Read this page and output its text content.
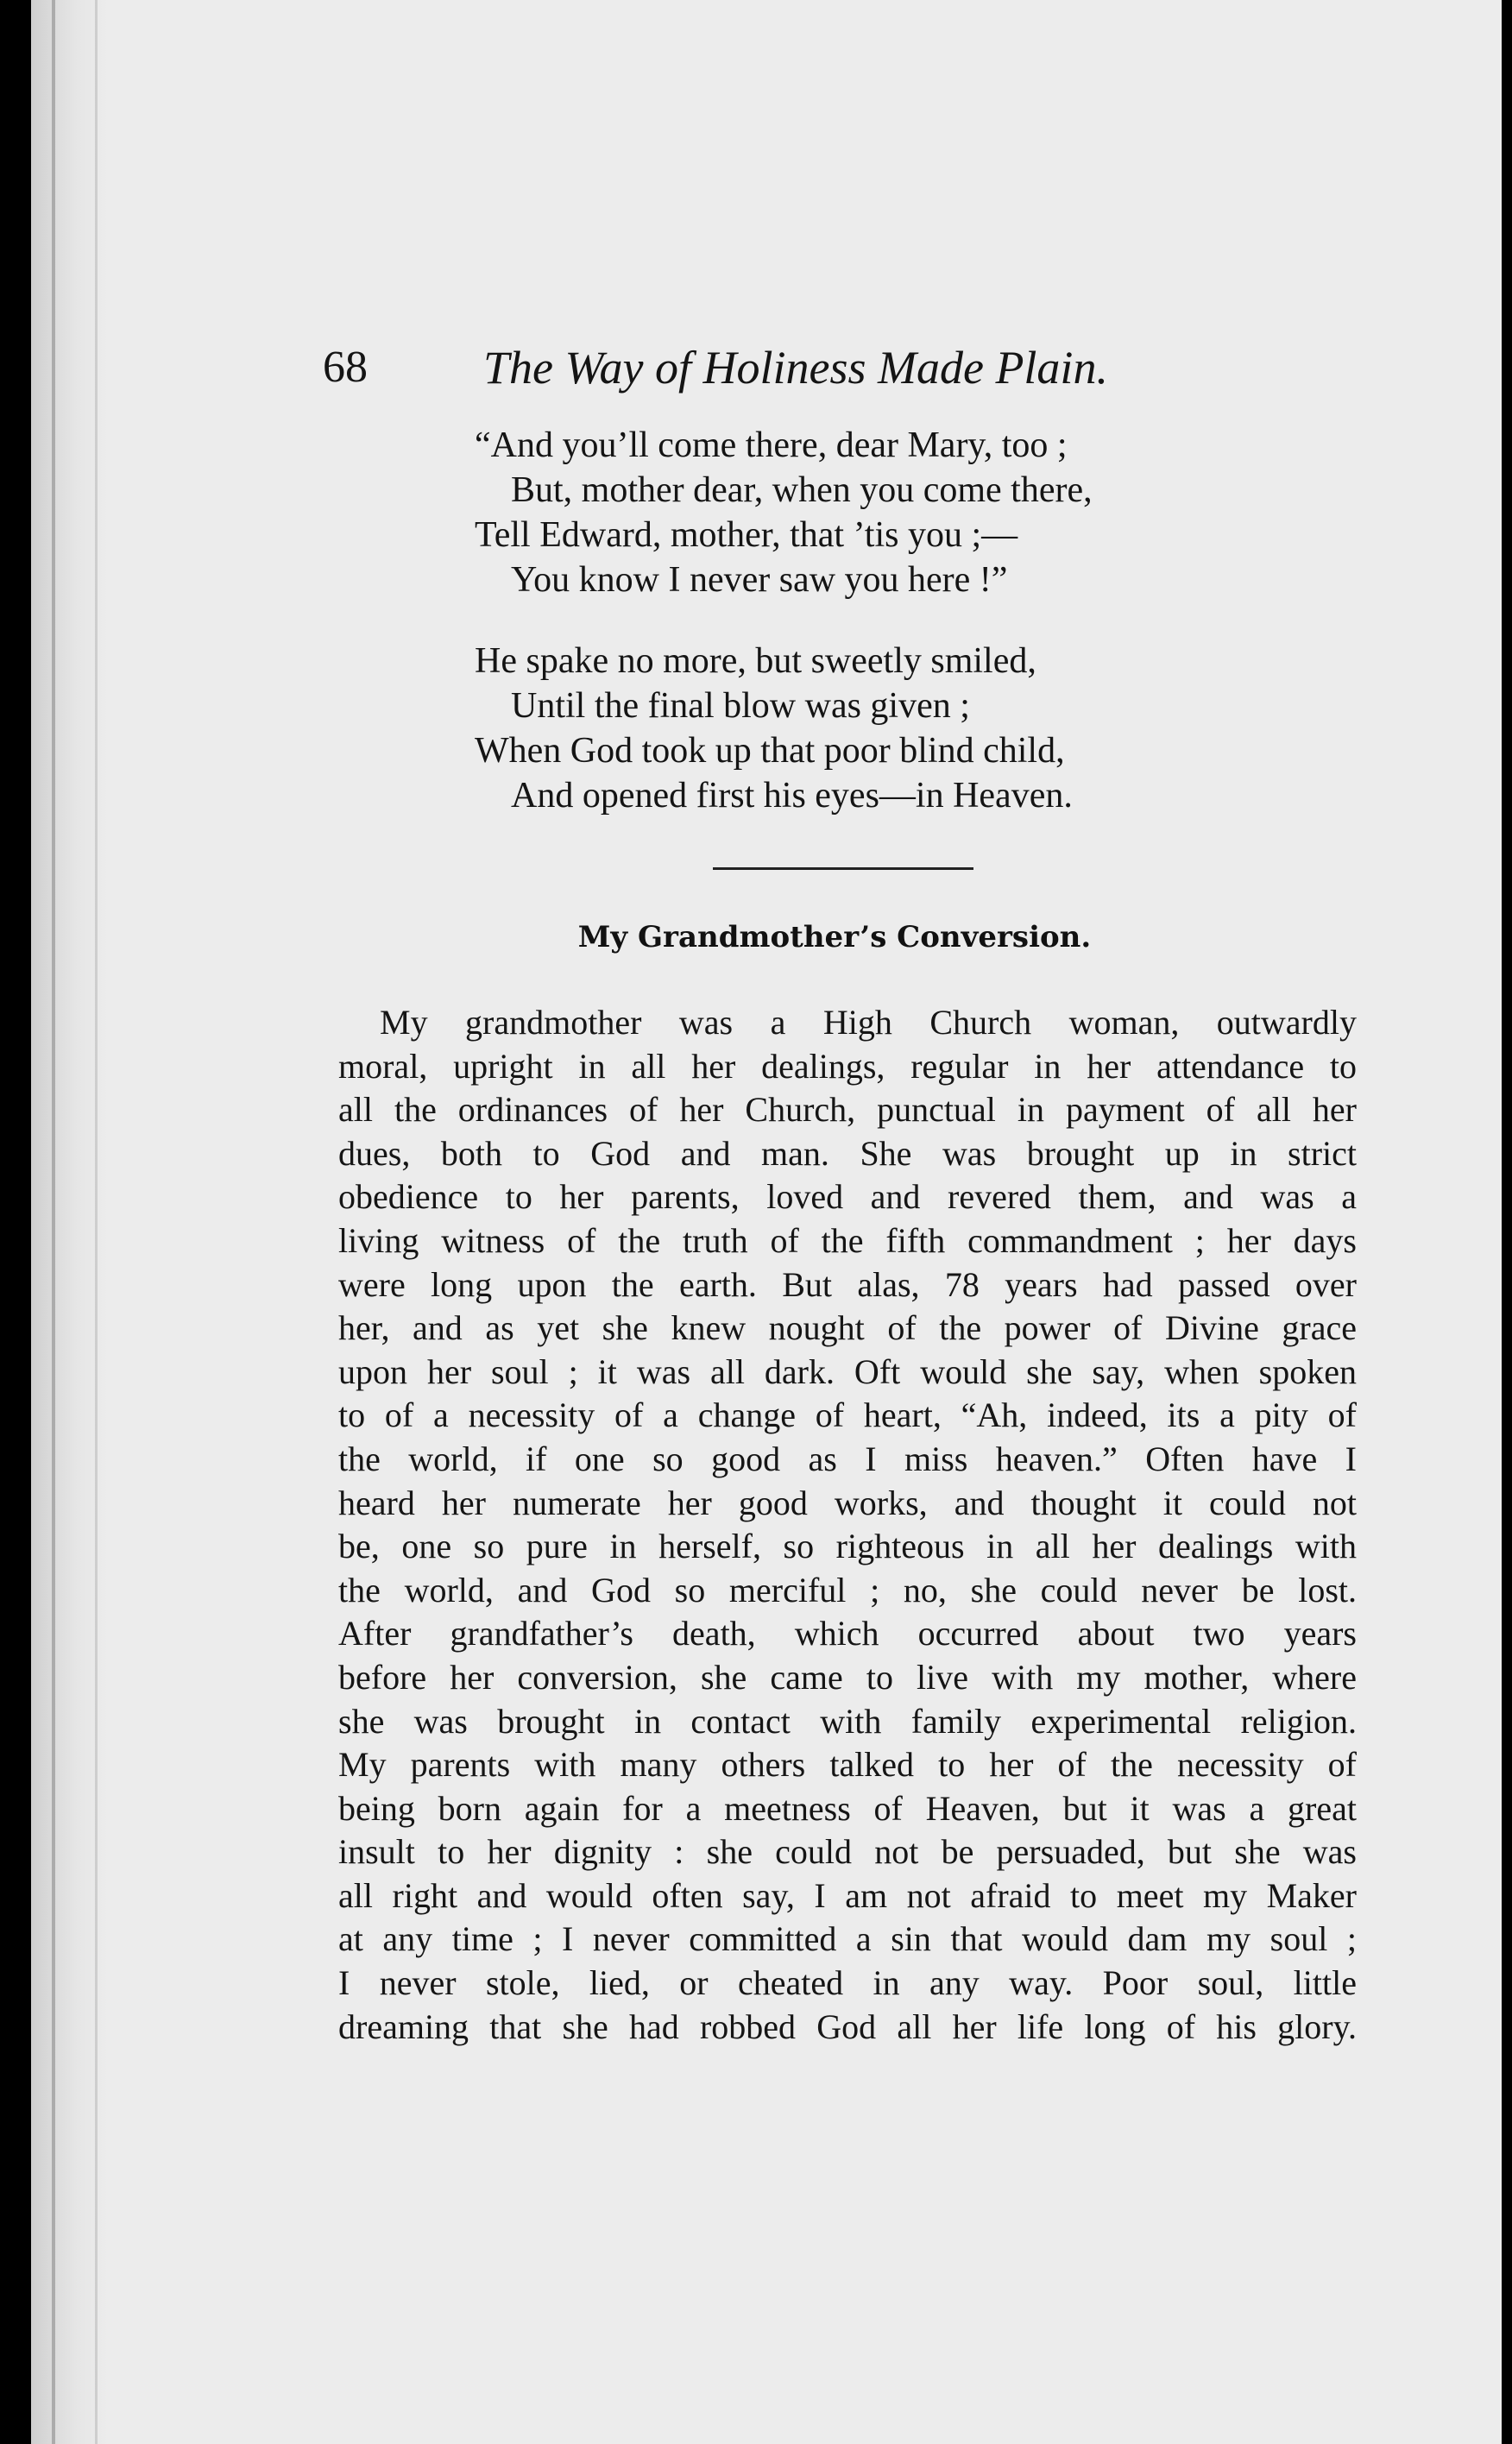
68 The Way of Holiness Made Plain.
“And you’ll come there, dear Mary, too ;
But, mother dear, when you come there,
Tell Edward, mother, that ’tis you ;—
You know I never saw you here !”
He spake no more, but sweetly smiled,
Until the final blow was given ;
When God took up that poor blind child,
And opened first his eyes—in Heaven.
My Grandmother’s Conversion.
My grandmother was a High Church woman, outwardly
moral, upright in all her dealings, regular in her attendance to
all the ordinances of her Church, punctual in payment of all her
dues, both to God and man. She was brought up in strict
obedience to her parents, loved and revered them, and was a
living witness of the truth of the fifth commandment ; her days
were long upon the earth. But alas, 78 years had passed over
her, and as yet she knew nought of the power of Divine grace
upon her soul ; it was all dark. Oft would she say, when spoken
to of a necessity of a change of heart, “Ah, indeed, its a pity of
the world, if one so good as I miss heaven.” Often have I
heard her numerate her good works, and thought it could not
be, one so pure in herself, so righteous in all her dealings with
the world, and God so merciful ; no, she could never be lost.
After grandfather’s death, which occurred about two years
before her conversion, she came to live with my mother, where
she was brought in contact with family experimental religion.
My parents with many others talked to her of the necessity of
being born again for a meetness of Heaven, but it was a great
insult to her dignity : she could not be persuaded, but she was
all right and would often say, I am not afraid to meet my Maker
at any time ; I never committed a sin that would dam my soul ;
I never stole, lied, or cheated in any way. Poor soul, little
dreaming that she had robbed God all her life long of his glory.
